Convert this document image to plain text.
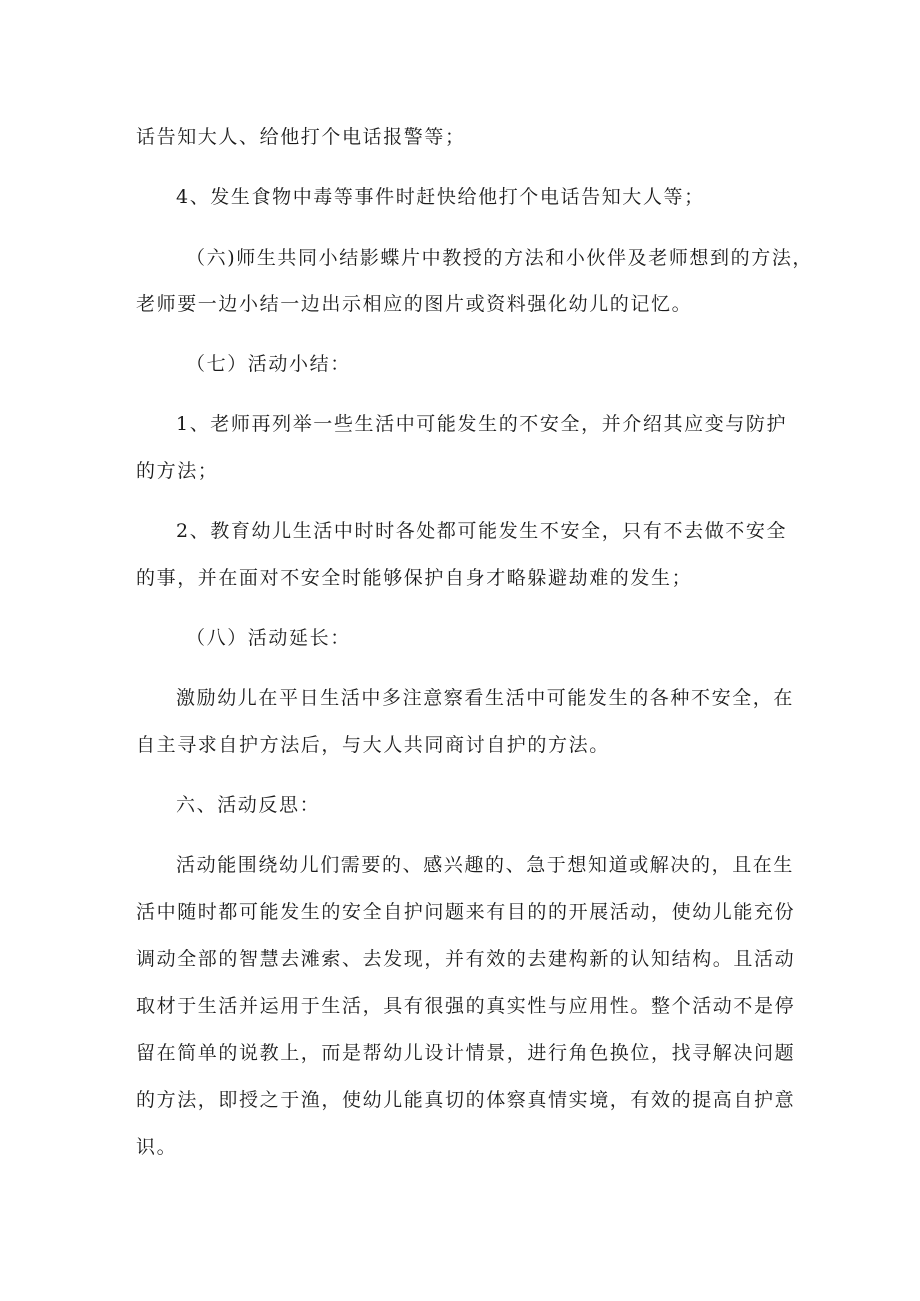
话告知大人、给他打个电话报警等；

4、发生食物中毒等事件时赶快给他打个电话告知大人等；

（六)师生共同小结影蝶片中教授的方法和小伙伴及老师想到的方法，

老师要一边小结一边出示相应的图片或资料强化幼儿的记忆。

（七）活动小结：

1、老师再列举一些生活中可能发生的不安全，并介绍其应变与防护

的方法；

2、教育幼儿生活中时时各处都可能发生不安全，只有不去做不安全

的事，并在面对不安全时能够保护自身才略躲避劫难的发生；

（八）活动延长：

激励幼儿在平日生活中多注意察看生活中可能发生的各种不安全，在

自主寻求自护方法后，与大人共同商讨自护的方法。

六、活动反思：

活动能围绕幼儿们需要的、感兴趣的、急于想知道或解决的，且在生

活中随时都可能发生的安全自护问题来有目的的开展活动，使幼儿能充份

调动全部的智慧去滩索、去发现，并有效的去建构新的认知结构。且活动

取材于生活并运用于生活，具有很强的真实性与应用性。整个活动不是停

留在简单的说教上，而是帮幼儿设计情景，进行角色换位，找寻解决问题

的方法，即授之于渔，使幼儿能真切的体察真情实境，有效的提高自护意

识。
